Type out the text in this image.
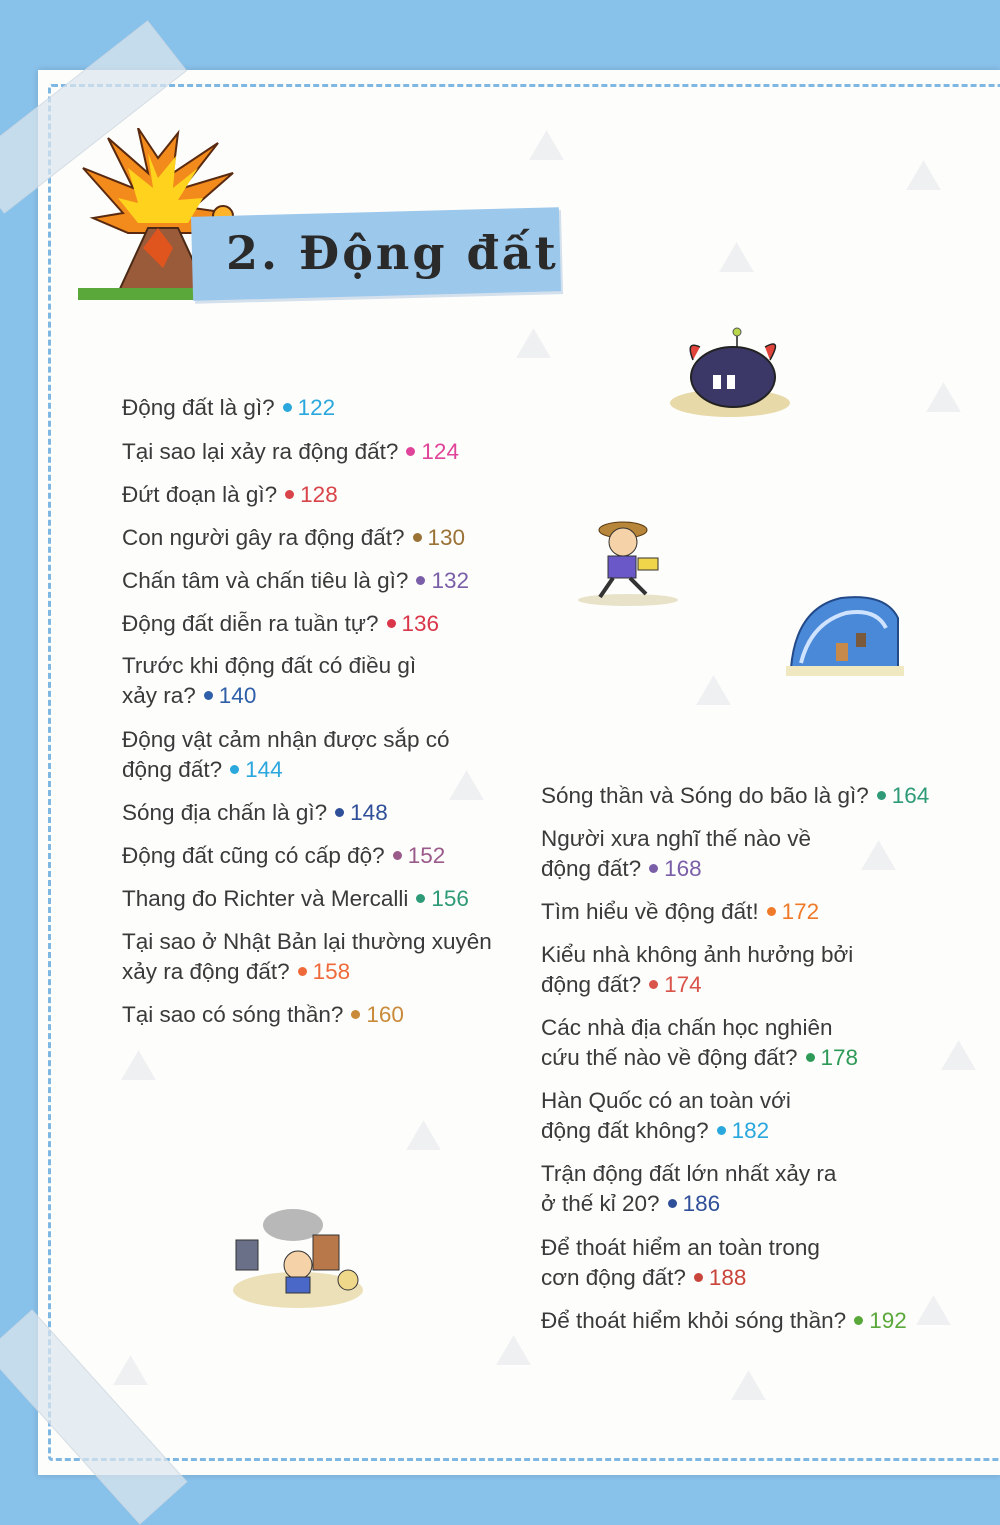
⛰
⛰
⛰
⛰
⛰
⛰
⛰
⛰
⛰	⛰
⛰
⛰
⛰
⛰
⛰
2. Động đất
Động đất là gì? 122
Tại sao lại xảy ra động đất? 124
Đứt đoạn là gì? 128
Con người gây ra động đất? 130
Chấn tâm và chấn tiêu là gì? 132
Động đất diễn ra tuần tự? 136
Trước khi động đất có điều gì xảy ra? 140
Động vật cảm nhận được sắp có động đất? 144
Sóng địa chấn là gì? 148
Động đất cũng có cấp độ? 152
Thang đo Richter và Mercalli 156
Tại sao ở Nhật Bản lại thường xuyên xảy ra động đất? 158
Tại sao có sóng thần? 160
Sóng thần và Sóng do bão là gì? 164
Người xưa nghĩ thế nào về động đất? 168
Tìm hiểu về động đất! 172
Kiểu nhà không ảnh hưởng bởi động đất? 174
Các nhà địa chấn học nghiên cứu thế nào về động đất? 178
Hàn Quốc có an toàn với động đất không? 182
Trận động đất lớn nhất xảy ra ở thế kỉ 20? 186
Để thoát hiểm an toàn trong cơn động đất? 188
Để thoát hiểm khỏi sóng thần? 192
